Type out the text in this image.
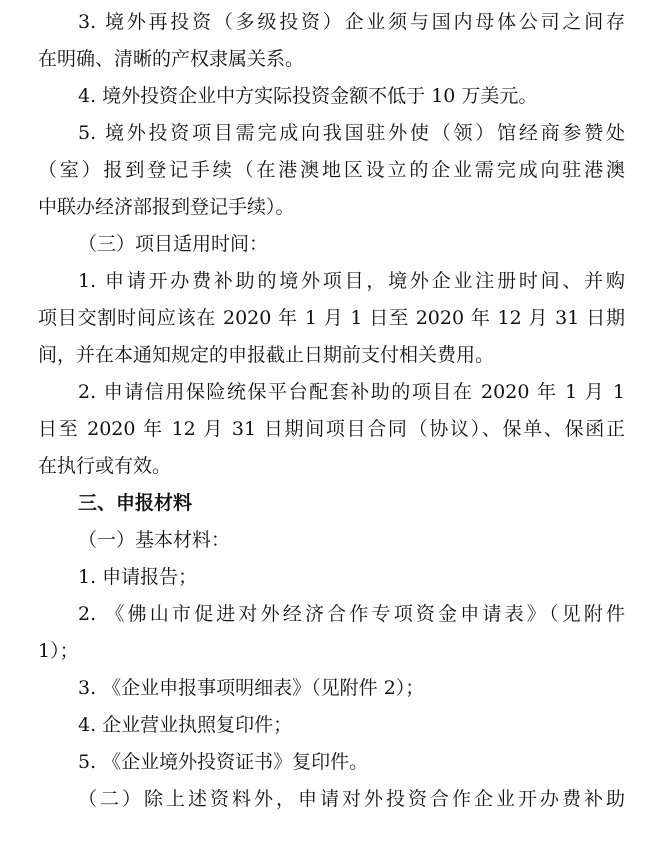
3. 境外再投资（多级投资）企业须与国内母体公司之间存
在明确、清晰的产权隶属关系。
4. 境外投资企业中方实际投资金额不低于 10 万美元。
5. 境外投资项目需完成向我国驻外使（领）馆经商参赞处
（室）报到登记手续（在港澳地区设立的企业需完成向驻港澳
中联办经济部报到登记手续）。
（三）项目适用时间：
1. 申请开办费补助的境外项目，境外企业注册时间、并购
项目交割时间应该在 2020 年 1 月 1 日至 2020 年 12 月 31 日期
间，并在本通知规定的申报截止日期前支付相关费用。
2. 申请信用保险统保平台配套补助的项目在 2020 年 1 月 1
日至 2020 年 12 月 31 日期间项目合同（协议）、保单、保函正
在执行或有效。
三、申报材料
（一）基本材料：
1. 申请报告；
2. 《佛山市促进对外经济合作专项资金申请表》（见附件
1）；
3. 《企业申报事项明细表》（见附件 2）；
4. 企业营业执照复印件；
5. 《企业境外投资证书》复印件。
（二）除上述资料外，申请对外投资合作企业开办费补助
